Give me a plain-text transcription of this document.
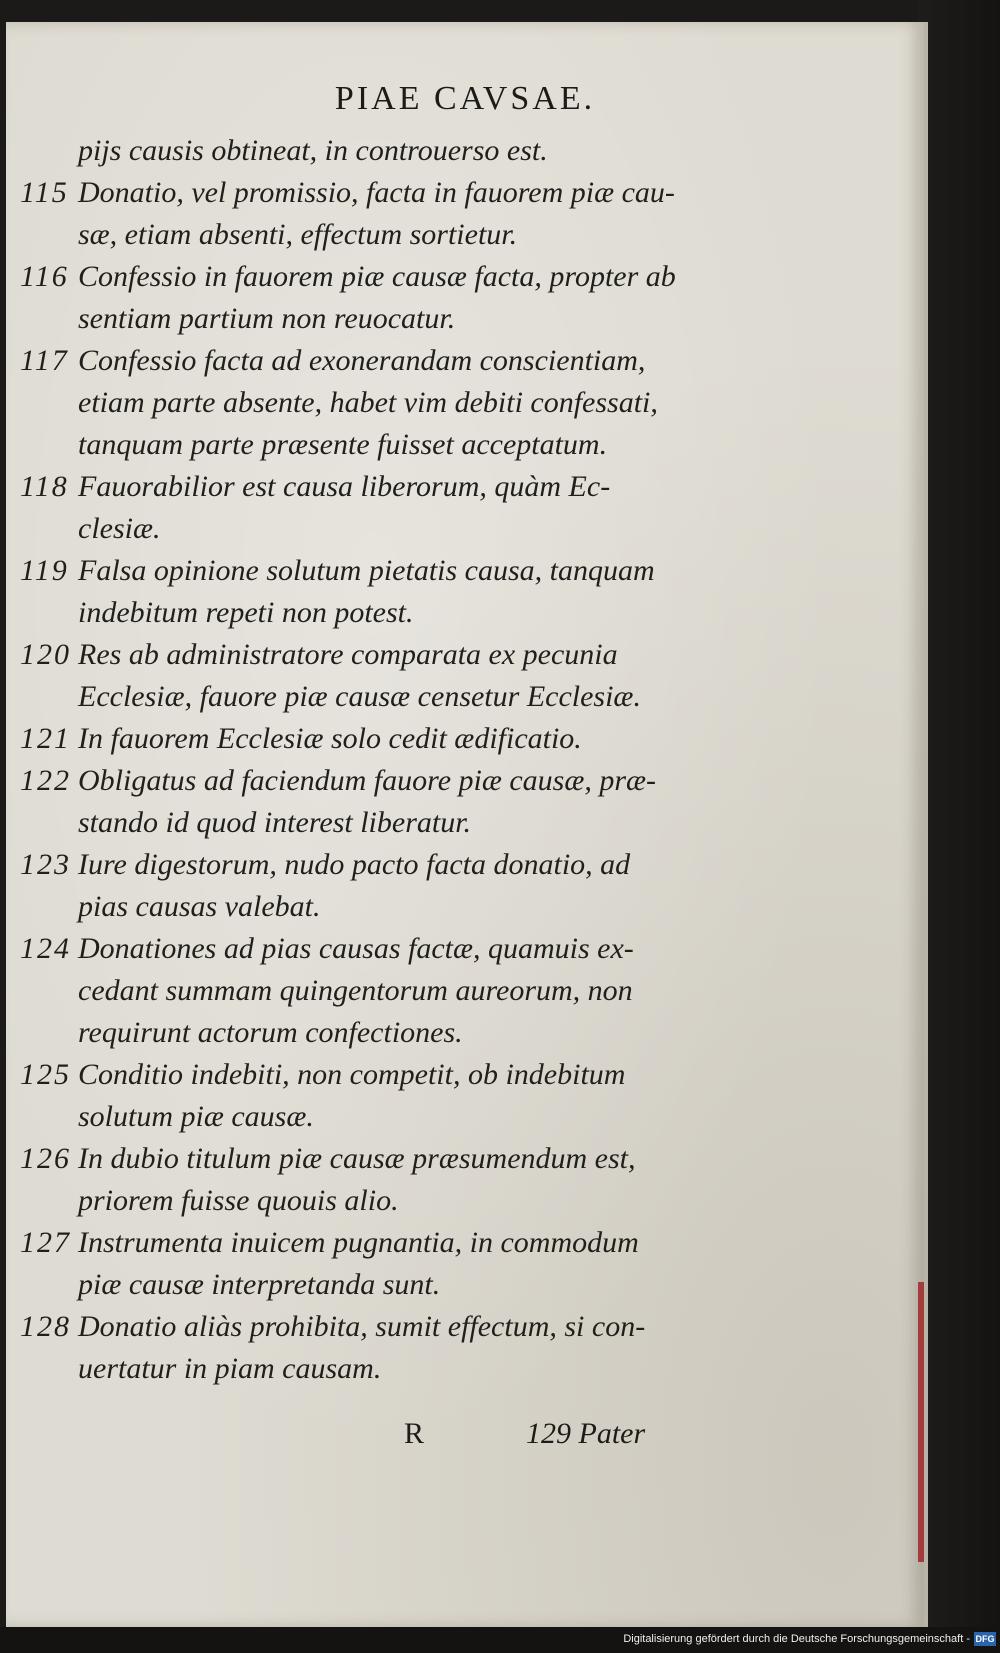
PIAE CAVSAE.
pijs causis obtineat, in controuerso est.
115 Donatio, vel promissio, facta in fauorem piæ cau-
sæ, etiam absenti, effectum sortietur.
116 Confessio in fauorem piæ causæ facta, propter ab
sentiam partium non reuocatur.
117 Confessio facta ad exonerandam conscientiam,
etiam parte absente, habet vim debiti confessati,
tanquam parte præsente fuisset acceptatum.
118 Fauorabilior est causa liberorum, quàm Ec-
clesiæ.
119 Falsa opinione solutum pietatis causa, tanquam
indebitum repeti non potest.
120 Res ab administratore comparata ex pecunia
Ecclesiæ, fauore piæ causæ censetur Ecclesiæ.
121 In fauorem Ecclesiæ solo cedit ædificatio.
122 Obligatus ad faciendum fauore piæ causæ, præ-
stando id quod interest liberatur.
123 Iure digestorum, nudo pacto facta donatio, ad
pias causas valebat.
124 Donationes ad pias causas factæ, quamuis ex-
cedant summam quingentorum aureorum, non
requirunt actorum confectiones.
125 Conditio indebiti, non competit, ob indebitum
solutum piæ causæ.
126 In dubio titulum piæ causæ præsumendum est,
priorem fuisse quouis alio.
127 Instrumenta inuicem pugnantia, in commodum
piæ causæ interpretanda sunt.
128 Donatio aliàs prohibita, sumit effectum, si con-
uertatur in piam causam.
R	129 Pater
Digitalisierung gefördert durch die Deutsche Forschungsgemeinschaft - DFG
